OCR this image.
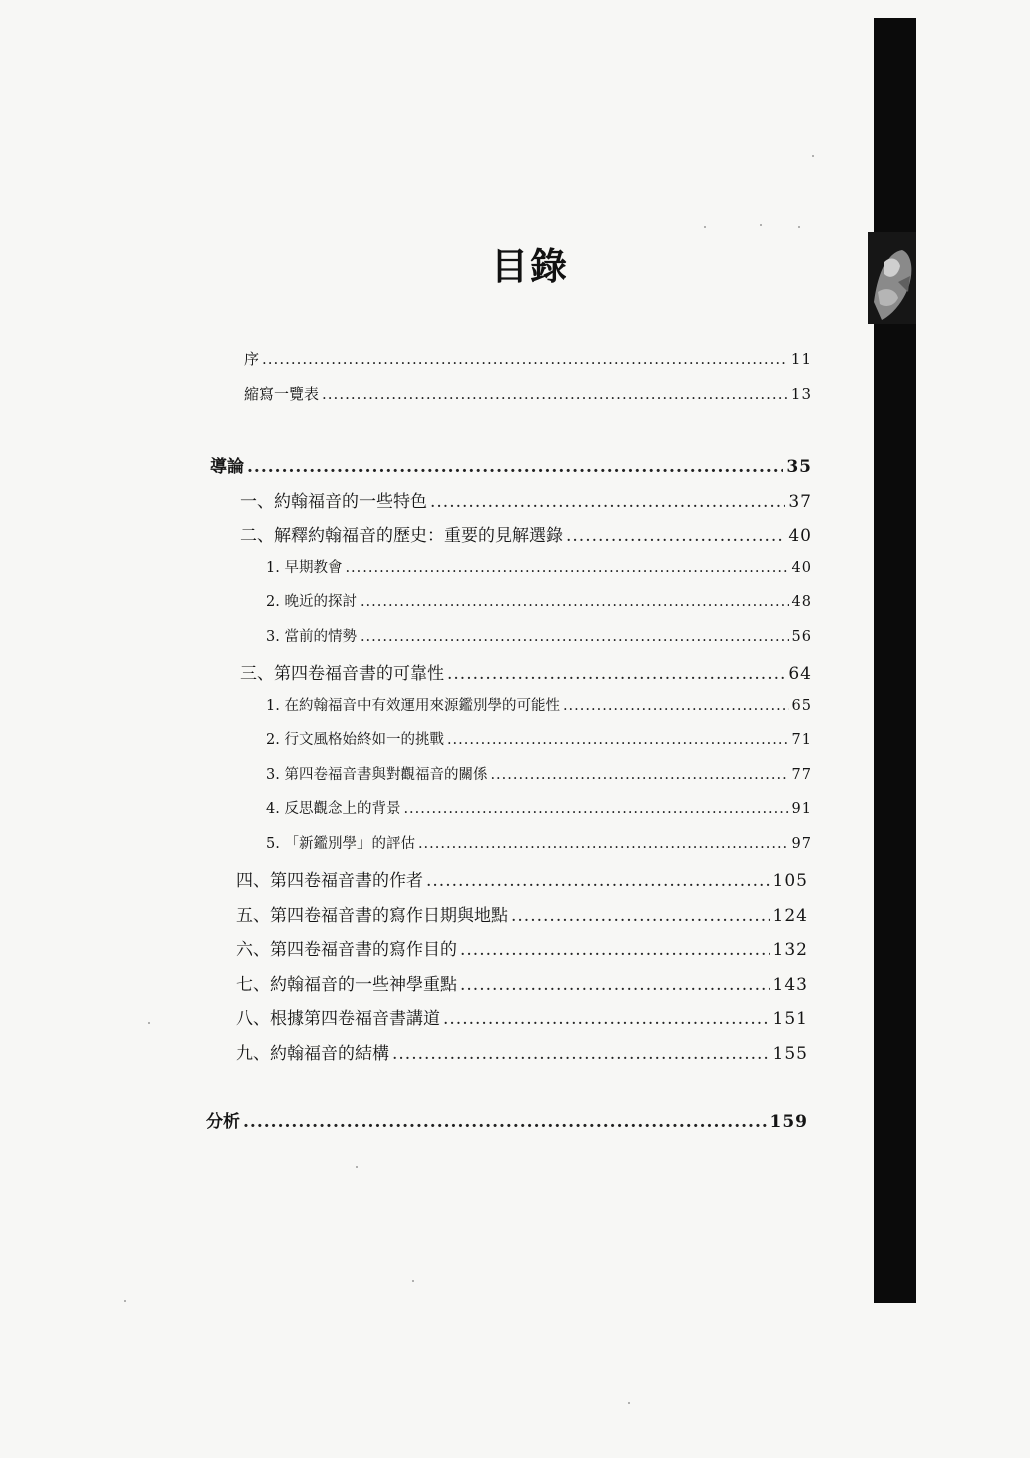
目錄
序 .....	11
縮寫一覽表 .....	13
導論 .....	35
一、約翰福音的一些特色 .....	37
二、解釋約翰福音的歷史：重要的見解選錄 .....	40
1. 早期教會 .....	40
2. 晚近的探討 .....	48
3. 當前的情勢 .....	56
三、第四卷福音書的可靠性 .....	64
1. 在約翰福音中有效運用來源鑑別學的可能性 .....	65
2. 行文風格始終如一的挑戰 .....	71
3. 第四卷福音書與對觀福音的關係 .....	77
4. 反思觀念上的背景 .....	91
5. 「新鑑別學」的評估 .....	97
四、第四卷福音書的作者 .....	105
五、第四卷福音書的寫作日期與地點 .....	124
六、第四卷福音書的寫作目的 .....	132
七、約翰福音的一些神學重點 .....	143
八、根據第四卷福音書講道 .....	151
九、約翰福音的結構 .....	155
分析 .....	159
